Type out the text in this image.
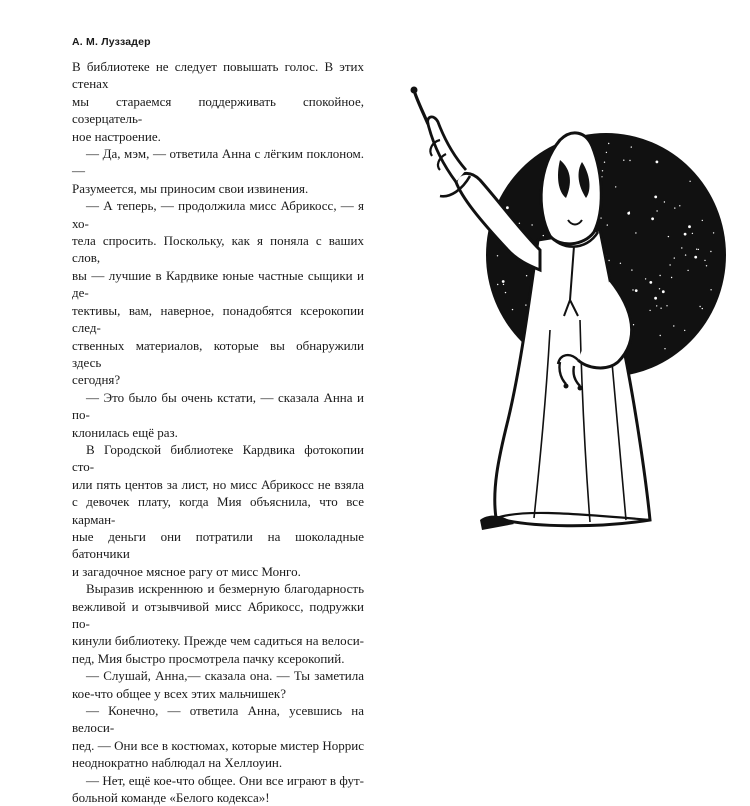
А. М. Луззадер
В библиотеке не следует повышать голос. В этих стенах
мы стараемся поддерживать спокойное, созерцатель-
ное настроение.
— Да, мэм, — ответила Анна с лёгким поклоном. —
Разумеется, мы приносим свои извинения.
— А теперь, — продолжила мисс Абрикосс, — я хо-
тела спросить. Поскольку, как я поняла с ваших слов,
вы — лучшие в Кардвике юные частные сыщики и де-
тективы, вам, наверное, понадобятся ксерокопии след-
ственных материалов, которые вы обнаружили здесь
сегодня?
— Это было бы очень кстати, — сказала Анна и по-
клонилась ещё раз.
В Городской библиотеке Кардвика фотокопии сто-
или пять центов за лист, но мисс Абрикосс не взяла
с девочек плату, когда Мия объяснила, что все карман-
ные деньги они потратили на шоколадные батончики
и загадочное мясное рагу от мисс Монго.
Выразив искреннюю и безмерную благодарность
вежливой и отзывчивой мисс Абрикосс, подружки по-
кинули библиотеку. Прежде чем садиться на велоси-
пед, Мия быстро просмотрела пачку ксерокопий.
— Слушай, Анна,— сказала она. — Ты заметила
кое-что общее у всех этих мальчишек?
— Конечно, — ответила Анна, усевшись на велоси-
пед. — Они все в костюмах, которые мистер Норрис
неоднократно наблюдал на Хеллоуин.
— Нет, ещё кое-что общее. Они все играют в фут-
больной команде «Белого кодекса»!
